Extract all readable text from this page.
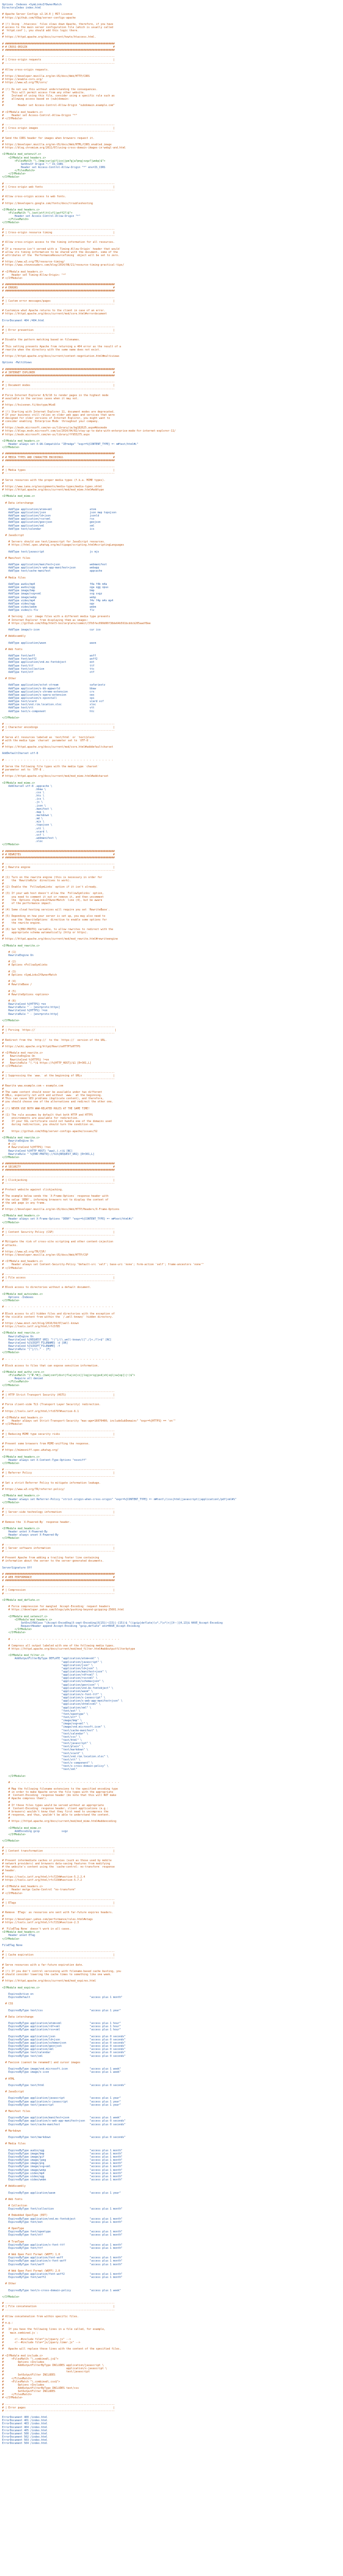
Options -Indexes +SymLinksIfOwnerMatch
DirectoryIndex index.html
# Apache Server Configs v2.14.0 | MIT License
# https://github.com/h5bp/server-configs-apache
# (!) Using `.htaccess` files slows down Apache, therefore, if you have
# access to the main server configuration file (which is usually called
# `httpd.conf`), you should add this logic there.
#
# https://httpd.apache.org/docs/current/howto/htaccess.html.
# ######################################################################
# # CROSS-ORIGIN                                                       #
# ######################################################################
# ----------------------------------------------------------------------
# | Cross-origin requests                                              |
# ----------------------------------------------------------------------
# Allow cross-origin requests.
#
# https://developer.mozilla.org/en-US/docs/Web/HTTP/CORS
# https://enable-cors.org/
# https://www.w3.org/TR/cors/
# (!) Do not use this without understanding the consequences.
#     This will permit access from any other website.
#     Instead of using this file, consider using a specific rule such as
#     allowing access based on (sub)domain:
#
#         Header set Access-Control-Allow-Origin "subdomain.example.com"
# <IfModule mod_headers.c>
#     Header set Access-Control-Allow-Origin "*"
# </IfModule>
# ----------------------------------------------------------------------
# | Cross-origin images                                                |
# ----------------------------------------------------------------------
# Send the CORS header for images when browsers request it.
#
# https://developer.mozilla.org/en-US/docs/Web/HTML/CORS_enabled_image
# https://blog.chromium.org/2011/07/using-cross-domain-images-in-webgl-and.html
<IfModule mod_setenvif.c>
<IfModule mod_headers.c>
<FilesMatch "\.(bmp|cur|gif|ico|jpe?g|a?png|svgz?|webp)$">
SetEnvIf Origin ":" IS_CORS
Header set Access-Control-Allow-Origin "*" env=IS_CORS
</FilesMatch>
</IfModule>
</IfModule>
# ----------------------------------------------------------------------
# | Cross-origin web fonts                                             |
# ----------------------------------------------------------------------
# Allow cross-origin access to web fonts.
#
# https://developers.google.com/fonts/docs/troubleshooting
<IfModule mod_headers.c>
<FilesMatch "\.(eot|otf|tt[cf]|woff2?)$">
Header set Access-Control-Allow-Origin "*"
</FilesMatch>
</IfModule>
# ----------------------------------------------------------------------
# | Cross-origin resource timing                                       |
# ----------------------------------------------------------------------
# Allow cross-origin access to the timing information for all resources.
#
# If a resource isn't served with a `Timing-Allow-Origin` header that would
# allow its timing information to be shared with the document, some of the
# attributes of the `PerformanceResourceTiming` object will be set to zero.
#
# https://www.w3.org/TR/resource-timing/
# https://www.stevesouders.com/blog/2014/08/21/resource-timing-practical-tips/
# <IfModule mod_headers.c>
#     Header set Timing-Allow-Origin: "*"
# </IfModule>
# ######################################################################
# # ERRORS                                                             #
# ######################################################################
# ----------------------------------------------------------------------
# | Custom error messages/pages                                        |
# ----------------------------------------------------------------------
# Customize what Apache returns to the client in case of an error.
# https://httpd.apache.org/docs/current/mod/core.html#errordocument
ErrorDocument 404 /404.html
# ----------------------------------------------------------------------
# | Error prevention                                                   |
# ----------------------------------------------------------------------
# Disable the pattern matching based on filenames.
#
# This setting prevents Apache from returning a 404 error as the result of a
# rewrite when the directory with the same name does not exist.
#
# https://httpd.apache.org/docs/current/content-negotiation.html#multiviews
Options -MultiViews
# ######################################################################
# # INTERNET EXPLORER                                                  #
# ######################################################################
# ----------------------------------------------------------------------
# | Document modes                                                     |
# ----------------------------------------------------------------------
# Force Internet Explorer 8/9/10 to render pages in the highest mode
# available in the various cases when it may not.
#
# https://hsivonen.fi/doctype/#ie8
#
# (!) Starting with Internet Explorer 11, document modes are deprecated.
# If your business still relies on older web apps and services that were
# designed for older versions of Internet Explorer, you might want to
# consider enabling `Enterprise Mode` throughout your company.
#
# https://msdn.microsoft.com/en-us/library/ie/bg182625.aspx#docmode
# https://blogs.msdn.microsoft.com/ie/2014/04/02/stay-up-to-date-with-enterprise-mode-for-internet-explorer-11/
# https://msdn.microsoft.com/en-us/library/ff955275.aspx
<IfModule mod_headers.c>
Header always set X-UA-Compatible "IE=edge" "expr=%{CONTENT_TYPE} =~ m#text/html#i"
</IfModule>
# ######################################################################
# # MEDIA TYPES AND CHARACTER ENCODINGS                                #
# ######################################################################
# ----------------------------------------------------------------------
# | Media types                                                        |
# ----------------------------------------------------------------------
# Serve resources with the proper media types (f.k.a. MIME types).
#
# https://www.iana.org/assignments/media-types/media-types.xhtml
# https://httpd.apache.org/docs/current/mod/mod_mime.html#addtype
<IfModule mod_mime.c>
# Data interchange
AddType application/atom+xml                        atom
AddType application/json                            json map topojson
AddType application/ld+json                         jsonld
AddType application/rss+xml                         rss
AddType application/geo+json                        geojson
AddType application/xml                             xml
AddType text/calendar                               ics
# JavaScript
# Servers should use text/javascript for JavaScript resources.
# https://html.spec.whatwg.org/multipage/scripting.html#scriptingLanguages
AddType text/javascript                             js mjs
# Manifest files
AddType application/manifest+json                   webmanifest
AddType application/x-web-app-manifest+json         webapp
AddType text/cache-manifest                         appcache
# Media files
AddType audio/mp4                                   f4a f4b m4a
AddType audio/ogg                                   oga ogg opus
AddType image/bmp                                   bmp
AddType image/svg+xml                               svg svgz
AddType image/webp                                  webp
AddType video/mp4                                   f4v f4p m4v mp4
AddType video/ogg                                   ogv
AddType video/webm                                  webm
AddType video/x-flv                                 flv
# Serving `.ico` image files with a different media type prevents
# Internet Explorer from displaying them as images:
# https://github.com/h5bp/html5-boilerplate/commit/37b5fec090d00f38de64b591bcddcb205aadf8ee
AddType image/x-icon                                cur ico
# WebAssembly
AddType application/wasm                            wasm
# Web fonts
AddType font/woff                                   woff
AddType font/woff2                                  woff2
AddType application/vnd.ms-fontobject               eot
AddType font/ttf                                    ttf
AddType font/collection                             ttc
AddType font/otf                                    otf
# Other
AddType application/octet-stream                    safariextz
AddType application/x-bb-appworld                   bbaw
AddType application/x-chrome-extension              crx
AddType application/x-opera-extension               oex
AddType application/x-xpinstall                     xpi
AddType text/vcard                                  vcard vcf
AddType text/vnd.rim.location.xloc                  xloc
AddType text/vtt                                    vtt
AddType text/x-component                            htc
</IfModule>
# ----------------------------------------------------------------------
# | Character encodings                                                |
# ----------------------------------------------------------------------
# Serve all resources labeled as `text/html` or `text/plain`
# with the media type `charset` parameter set to `UTF-8`.
#
# https://httpd.apache.org/docs/current/mod/core.html#adddefaultcharset
AddDefaultCharset utf-8
# - - - - - - - - - - - - - - - - - - - - - - - - - - - - - - - - - - -
# Serve the following file types with the media type `charset`
# parameter set to `UTF-8`.
#
# https://httpd.apache.org/docs/current/mod/mod_mime.html#addcharset
<IfModule mod_mime.c>
AddCharset utf-8 .appcache \
.bbaw \
.css \
.htc \
.ics \
.js \
.json \
.manifest \
.map \
.markdown \
.md \
.mjs \
.topojson \
.vtt \
.vcard \
.vcf \
.webmanifest \
.xloc
</IfModule>
# ######################################################################
# # REWRITES                                                           #
# ######################################################################
# ----------------------------------------------------------------------
# | Rewrite engine                                                     |
# ----------------------------------------------------------------------
# (1) Turn on the rewrite engine (this is necessary in order for
#     the `RewriteRule` directives to work).
#
# (2) Enable the `FollowSymLinks` option if it isn't already.
#
# (3) If your web host doesn't allow the `FollowSymlinks` option,
#     you need to comment it out or remove it, and then uncomment
#     the `Options +SymLinksIfOwnerMatch` line (4), but be aware
#     of the performance impact.
#
# (4) Some cloud hosting services will require you set `RewriteBase`.
#
# (5) Depending on how your server is set up, you may also need to
#     use the `RewriteOptions` directive to enable some options for
#     the rewrite engine.
#
# (6) Set %{ENV:PROTO} variable, to allow rewrites to redirect with the
#     appropriate schema automatically (http or https).
#
# https://httpd.apache.org/docs/current/mod/mod_rewrite.html#rewriteengine
<IfModule mod_rewrite.c>
# (1)
RewriteEngine On
# (2)
# Options +FollowSymlinks
# (3)
# Options +SymLinksIfOwnerMatch
# (4)
# RewriteBase /
# (5)
# RewriteOptions <options>
# (6)
RewriteCond %{HTTPS} =on
RewriteRule ^ - [env=proto:https]
RewriteCond %{HTTPS} !=on
RewriteRule ^ - [env=proto:http]
</IfModule>
# ----------------------------------------------------------------------
# | Forcing `https://`                                                  |
# ----------------------------------------------------------------------
# Redirect from the `http://` to the `https://` version of the URL.
#
# https://wiki.apache.org/httpd/RewriteHTTPToHTTPS
# <IfModule mod_rewrite.c>
#    RewriteEngine On
#    RewriteCond %{HTTPS} !=on
#    RewriteRule ^(.*)$ https://%{HTTP_HOST}/$1 [R=301,L]
# </IfModule>
# ----------------------------------------------------------------------
# | Suppressing the `www.` at the beginning of URLs                    |
# ----------------------------------------------------------------------
# Rewrite www.example.com → example.com
#
# The same content should never be available under two different
# URLs, especially not with and without `www.` at the beginning.
# This can cause SEO problems (duplicate content), and therefore,
# you should choose one of the alternatives and redirect the other one.
#
# (!) NEVER USE BOTH WWW-RELATED RULES AT THE SAME TIME!
#
# (1) The rule assumes by default that both HTTP and HTTPS
#     environments are available for redirection.
#     If your SSL certificate could not handle one of the domains used
#     during redirection, you should turn the condition on.
#
#     https://github.com/h5bp/server-configs-apache/issues/52
<IfModule mod_rewrite.c>
RewriteEngine On
# (1)
# RewriteCond %{HTTPS} !=on
RewriteCond %{HTTP_HOST} ^www\.(.+)$ [NC]
RewriteRule ^ %{ENV:PROTO}://%1%{REQUEST_URI} [R=301,L]
</IfModule>
# ######################################################################
# # SECURITY                                                           #
# ######################################################################
# ----------------------------------------------------------------------
# | Clickjacking                                                       |
# ----------------------------------------------------------------------
# Protect website against clickjacking.
#
# The example below sends the `X-Frame-Options` response header with
# the value `DENY`, informing browsers not to display the content of
# the web page in any frame.
#
# https://developer.mozilla.org/en-US/docs/Web/HTTP/Headers/X-Frame-Options
<IfModule mod_headers.c>
Header always set X-Frame-Options "DENY" "expr=%{CONTENT_TYPE} =~ m#text/html#i"
</IfModule>
# ----------------------------------------------------------------------
# | Content Security Policy (CSP)                                      |
# ----------------------------------------------------------------------
# Mitigate the risk of cross-site scripting and other content-injection
# attacks.
#
# https://www.w3.org/TR/CSP/
# https://developer.mozilla.org/en-US/docs/Web/HTTP/CSP
# <IfModule mod_headers.c>
#     Header always set Content-Security-Policy "default-src 'self'; base-uri 'none'; form-action 'self'; frame-ancestors 'none'"
# </IfModule>
# ----------------------------------------------------------------------
# | File access                                                        |
# ----------------------------------------------------------------------
# Block access to directories without a default document.
<IfModule mod_autoindex.c>
Options -Indexes
</IfModule>
# - - - - - - - - - - - - - - - - - - - - - - - - - - - - - - - - - - -
# Block access to all hidden files and directories with the exception of
# the visible content from within the `/.well-known/` hidden directory.
#
# https://www.mnot.net/blog/2010/04/07/well-known
# https://tools.ietf.org/html/rfc5785
<IfModule mod_rewrite.c>
RewriteEngine On
RewriteCond %{REQUEST_URI} "!(^|/)\.well-known/([^./]+./?)+$" [NC]
RewriteCond %{SCRIPT_FILENAME} -d [OR]
RewriteCond %{SCRIPT_FILENAME} -f
RewriteRule "(^|/)\." - [F]
</IfModule>
# - - - - - - - - - - - - - - - - - - - - - - - - - - - - - - - - - - -
# Block access to files that can expose sensitive information.
<IfModule mod_authz_core.c>
<FilesMatch "(^#.*#|\.(bak|conf|dist|fla|in[ci]|log|orig|psd|sh|sql|sw[op])|~)$">
Require all denied
</FilesMatch>
</IfModule>
# ----------------------------------------------------------------------
# | HTTP Strict Transport Security (HSTS)                              |
# ----------------------------------------------------------------------
# Force client-side TLS (Transport Layer Security) redirection.
#
# https://tools.ietf.org/html/rfc6797#section-6.1
# <IfModule mod_headers.c>
#     Header always set Strict-Transport-Security "max-age=16070400; includeSubDomains" "expr=%{HTTPS} == 'on'"
# </IfModule>
# ----------------------------------------------------------------------
# | Reducing MIME type security risks                                  |
# ----------------------------------------------------------------------
# Prevent some browsers from MIME-sniffing the response.
#
# https://mimesniff.spec.whatwg.org/
<IfModule mod_headers.c>
Header always set X-Content-Type-Options "nosniff"
</IfModule>
# ----------------------------------------------------------------------
# | Referrer Policy                                                    |
# ----------------------------------------------------------------------
# Set a strict Referrer Policy to mitigate information leakage.
#
# https://www.w3.org/TR/referrer-policy/
<IfModule mod_headers.c>
Header always set Referrer-Policy "strict-origin-when-cross-origin" "expr=%{CONTENT_TYPE} =~ m#text\/(css|html|javascript)|application\/pdf|xml#i"
</IfModule>
# ----------------------------------------------------------------------
# | Server-side technology information                                 |
# ----------------------------------------------------------------------
# Remove the `X-Powered-By` response header.
<IfModule mod_headers.c>
Header unset X-Powered-By
Header always unset X-Powered-By
</IfModule>
# ----------------------------------------------------------------------
# | Server software information                                        |
# ----------------------------------------------------------------------
# Prevent Apache from adding a trailing footer line containing
# information about the server to the server-generated documents.
ServerSignature Off
# ######################################################################
# # WEB PERFORMANCE                                                    #
# ######################################################################
# ----------------------------------------------------------------------
# | Compression                                                        |
# ----------------------------------------------------------------------
<IfModule mod_deflate.c>
# Force compression for mangled `Accept-Encoding` request headers
# https://developer.yahoo.com/blogs/ydn/pushing-beyond-gzipping-25601.html
<IfModule mod_setenvif.c>
<IfModule mod_headers.c>
SetEnvIfNoCase ^(Accept-EncodXng|X-cept-Encoding|X{15}|~{15}|-{15})$ ^((gzip|deflate)\s*,?\s*)+|[X~-]{4,13}$ HAVE_Accept-Encoding
RequestHeader append Accept-Encoding "gzip,deflate" env=HAVE_Accept-Encoding
</IfModule>
</IfModule>
# - - - - - - - - - - - - - - - - - - - - - - - - - - - - - - - - - - -
# Compress all output labeled with one of the following media types.
# https://httpd.apache.org/docs/current/mod/mod_filter.html#addoutputfilterbytype
<IfModule mod_filter.c>
AddOutputFilterByType DEFLATE "application/atom+xml" \
"application/javascript" \
"application/json" \
"application/ld+json" \
"application/manifest+json" \
"application/rdf+xml" \
"application/rss+xml" \
"application/schema+json" \
"application/geo+json" \
"application/vnd.ms-fontobject" \
"application/wasm" \
"application/x-font-ttf" \
"application/x-javascript" \
"application/x-web-app-manifest+json" \
"application/xhtml+xml" \
"application/xml" \
"font/eot" \
"font/opentype" \
"font/otf" \
"image/bmp" \
"image/svg+xml" \
"image/vnd.microsoft.icon" \
"text/cache-manifest" \
"text/calendar" \
"text/css" \
"text/html" \
"text/javascript" \
"text/plain" \
"text/markdown" \
"text/vcard" \
"text/vnd.rim.location.xloc" \
"text/vtt" \
"text/x-component" \
"text/x-cross-domain-policy" \
"text/xml"
</IfModule>
# - - - - - - - - - - - - - - - - - - - - - - - - - - - - - - - - - - -
# Map the following filename extensions to the specified encoding type
# in order to make Apache serve the file types with the appropriate
# `Content-Encoding` response header (do note that this will NOT make
# Apache compress them!).
#
# If these files types would be served without an appropriate
# `Content-Encoding` response header, client applications (e.g.:
# browsers) wouldn't know that they first need to uncompress the
# response, and thus, wouldn't be able to understand the content.
#
# https://httpd.apache.org/docs/current/mod/mod_mime.html#addencoding
<IfModule mod_mime.c>
AddEncoding gzip              svgz
</IfModule>
</IfModule>
# ----------------------------------------------------------------------
# | Content transformation                                             |
# ----------------------------------------------------------------------
# Prevent intermediate caches or proxies (such as those used by mobile
# network providers) and browsers data-saving features from modifying
# the website's content using the `cache-control: no-transform` response
# header.
#
# https://tools.ietf.org/html/rfc7234#section-5.2.2.4
# https://tools.ietf.org/html/rfc7230#section-5.7.2
# <IfModule mod_headers.c>
#     Header merge Cache-Control "no-transform"
# </IfModule>
# ----------------------------------------------------------------------
# | ETags                                                              |
# ----------------------------------------------------------------------
# Remove `ETags` as resources are sent with far-future expires headers.
#
# https://developer.yahoo.com/performance/rules.html#etags
# https://tools.ietf.org/html/rfc7232#section-2.3
# `FileETag None` doesn't work in all cases.
<IfModule mod_headers.c>
Header unset ETag
</IfModule>
FileETag None
# ----------------------------------------------------------------------
# | Cache expiration                                                   |
# ----------------------------------------------------------------------
# Serve resources with a far-future expiration date.
#
# (!) If you don't control versioning with filename-based cache busting, you
# should consider lowering the cache times to something like one week.
#
# https://httpd.apache.org/docs/current/mod/mod_expires.html
<IfModule mod_expires.c>
ExpiresActive on
ExpiresDefault                                      "access plus 1 month"
# CSS
ExpiresByType text/css                              "access plus 1 year"
# Data interchange
ExpiresByType application/atom+xml                  "access plus 1 hour"
ExpiresByType application/rdf+xml                   "access plus 1 hour"
ExpiresByType application/rss+xml                   "access plus 1 hour"
ExpiresByType application/json                      "access plus 0 seconds"
ExpiresByType application/ld+json                   "access plus 0 seconds"
ExpiresByType application/schema+json               "access plus 0 seconds"
ExpiresByType application/geo+json                  "access plus 0 seconds"
ExpiresByType application/xml                       "access plus 0 seconds"
ExpiresByType text/calendar                         "access plus 0 seconds"
ExpiresByType text/xml                              "access plus 0 seconds"
# Favicon (cannot be renamed!) and cursor images
ExpiresByType image/vnd.microsoft.icon              "access plus 1 week"
ExpiresByType image/x-icon                          "access plus 1 week"
# HTML
ExpiresByType text/html                             "access plus 0 seconds"
# JavaScript
ExpiresByType application/javascript                "access plus 1 year"
ExpiresByType application/x-javascript              "access plus 1 year"
ExpiresByType text/javascript                       "access plus 1 year"
# Manifest files
ExpiresByType application/manifest+json             "access plus 1 week"
ExpiresByType application/x-web-app-manifest+json   "access plus 0 seconds"
ExpiresByType text/cache-manifest                   "access plus 0 seconds"
# Markdown
ExpiresByType text/markdown                         "access plus 0 seconds"
# Media files
ExpiresByType audio/ogg                             "access plus 1 month"
ExpiresByType image/bmp                             "access plus 1 month"
ExpiresByType image/gif                             "access plus 1 month"
ExpiresByType image/jpeg                            "access plus 1 month"
ExpiresByType image/png                             "access plus 1 month"
ExpiresByType image/svg+xml                         "access plus 1 month"
ExpiresByType image/webp                            "access plus 1 month"
ExpiresByType video/mp4                             "access plus 1 month"
ExpiresByType video/ogg                             "access plus 1 month"
ExpiresByType video/webm                            "access plus 1 month"
# WebAssembly
ExpiresByType application/wasm                      "access plus 1 year"
# Web fonts
# Collection
ExpiresByType font/collection                       "access plus 1 month"
# Embedded OpenType (EOT)
ExpiresByType application/vnd.ms-fontobject         "access plus 1 month"
ExpiresByType font/eot                              "access plus 1 month"
# OpenType
ExpiresByType font/opentype                         "access plus 1 month"
ExpiresByType font/otf                              "access plus 1 month"
# TrueType
ExpiresByType application/x-font-ttf                "access plus 1 month"
ExpiresByType font/ttf                              "access plus 1 month"
# Web Open Font Format (WOFF) 1.0
ExpiresByType application/font-woff                 "access plus 1 month"
ExpiresByType application/x-font-woff               "access plus 1 month"
ExpiresByType font/woff                             "access plus 1 month"
# Web Open Font Format (WOFF) 2.0
ExpiresByType application/font-woff2                "access plus 1 month"
ExpiresByType font/woff2                            "access plus 1 month"
# Other
ExpiresByType text/x-cross-domain-policy            "access plus 1 week"
</IfModule>
# ----------------------------------------------------------------------
# | File concatenation                                                 |
# ----------------------------------------------------------------------
# Allow concatenation from within specific files.
#
# e.g.:
#
#   If you have the following lines in a file called, for example,
#   `main.combined.js`:
#
#       <!--#include file="js/jquery.js" -->
#       <!--#include file="js/jquery.timer.js" -->
#
#   Apache will replace those lines with the content of the specified files.
# <IfModule mod_include.c>
#     <FilesMatch "\.combined\.js$">
#         Options +Includes
#         AddOutputFilterByType INCLUDES application/javascript \
#                                        application/x-javascript \
#                                        text/javascript
#         SetOutputFilter INCLUDES
#     </FilesMatch>
#     <FilesMatch "\.combined\.css$">
#         Options +Includes
#         AddOutputFilterByType INCLUDES text/css
#         SetOutputFilter INCLUDES
#     </FilesMatch>
# </IfModule>
# ----------------------------------------------------------------------
# | Error pages                                                        |
# ----------------------------------------------------------------------
ErrorDocument 400 /index.html
ErrorDocument 401 /index.html
ErrorDocument 403 /index.html
ErrorDocument 404 /index.html
ErrorDocument 405 /index.html
ErrorDocument 500 /index.html
ErrorDocument 502 /index.html
ErrorDocument 503 /index.html
ErrorDocument 504 /index.html
